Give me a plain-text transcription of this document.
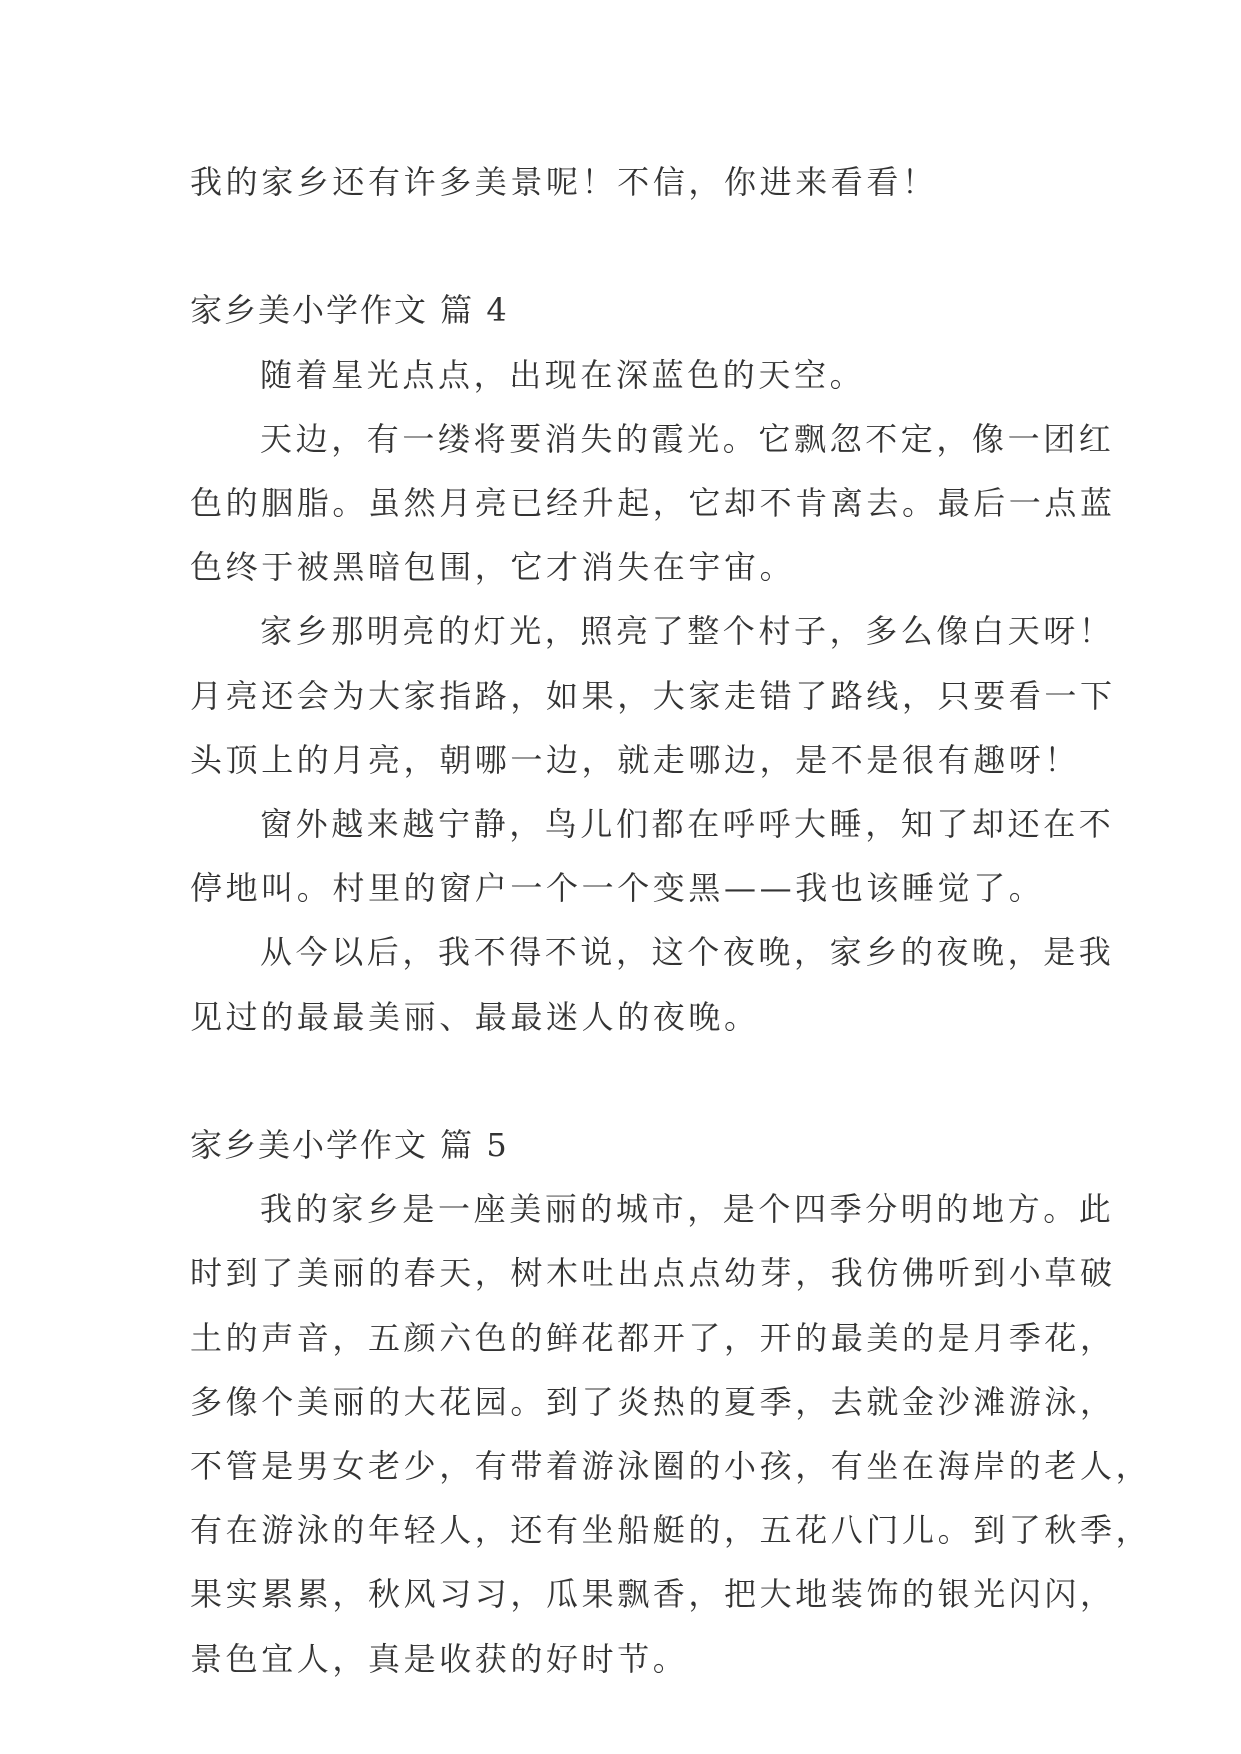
我的家乡还有许多美景呢！不信，你进来看看！
家乡美小学作文 篇 4
随着星光点点，出现在深蓝色的天空。
天边，有一缕将要消失的霞光。它飘忽不定，像一团红
色的胭脂。虽然月亮已经升起，它却不肯离去。最后一点蓝
色终于被黑暗包围，它才消失在宇宙。
家乡那明亮的灯光，照亮了整个村子，多么像白天呀！
月亮还会为大家指路，如果，大家走错了路线，只要看一下
头顶上的月亮，朝哪一边，就走哪边，是不是很有趣呀！
窗外越来越宁静，鸟儿们都在呼呼大睡，知了却还在不
停地叫。村里的窗户一个一个变黑——我也该睡觉了。
从今以后，我不得不说，这个夜晚，家乡的夜晚，是我
见过的最最美丽、最最迷人的夜晚。
家乡美小学作文 篇 5
我的家乡是一座美丽的城市，是个四季分明的地方。此
时到了美丽的春天，树木吐出点点幼芽，我仿佛听到小草破
土的声音，五颜六色的鲜花都开了，开的最美的是月季花，
多像个美丽的大花园。到了炎热的夏季，去就金沙滩游泳，
不管是男女老少，有带着游泳圈的小孩，有坐在海岸的老人，
有在游泳的年轻人，还有坐船艇的，五花八门儿。到了秋季，
果实累累，秋风习习，瓜果飘香，把大地装饰的银光闪闪，
景色宜人，真是收获的好时节。
